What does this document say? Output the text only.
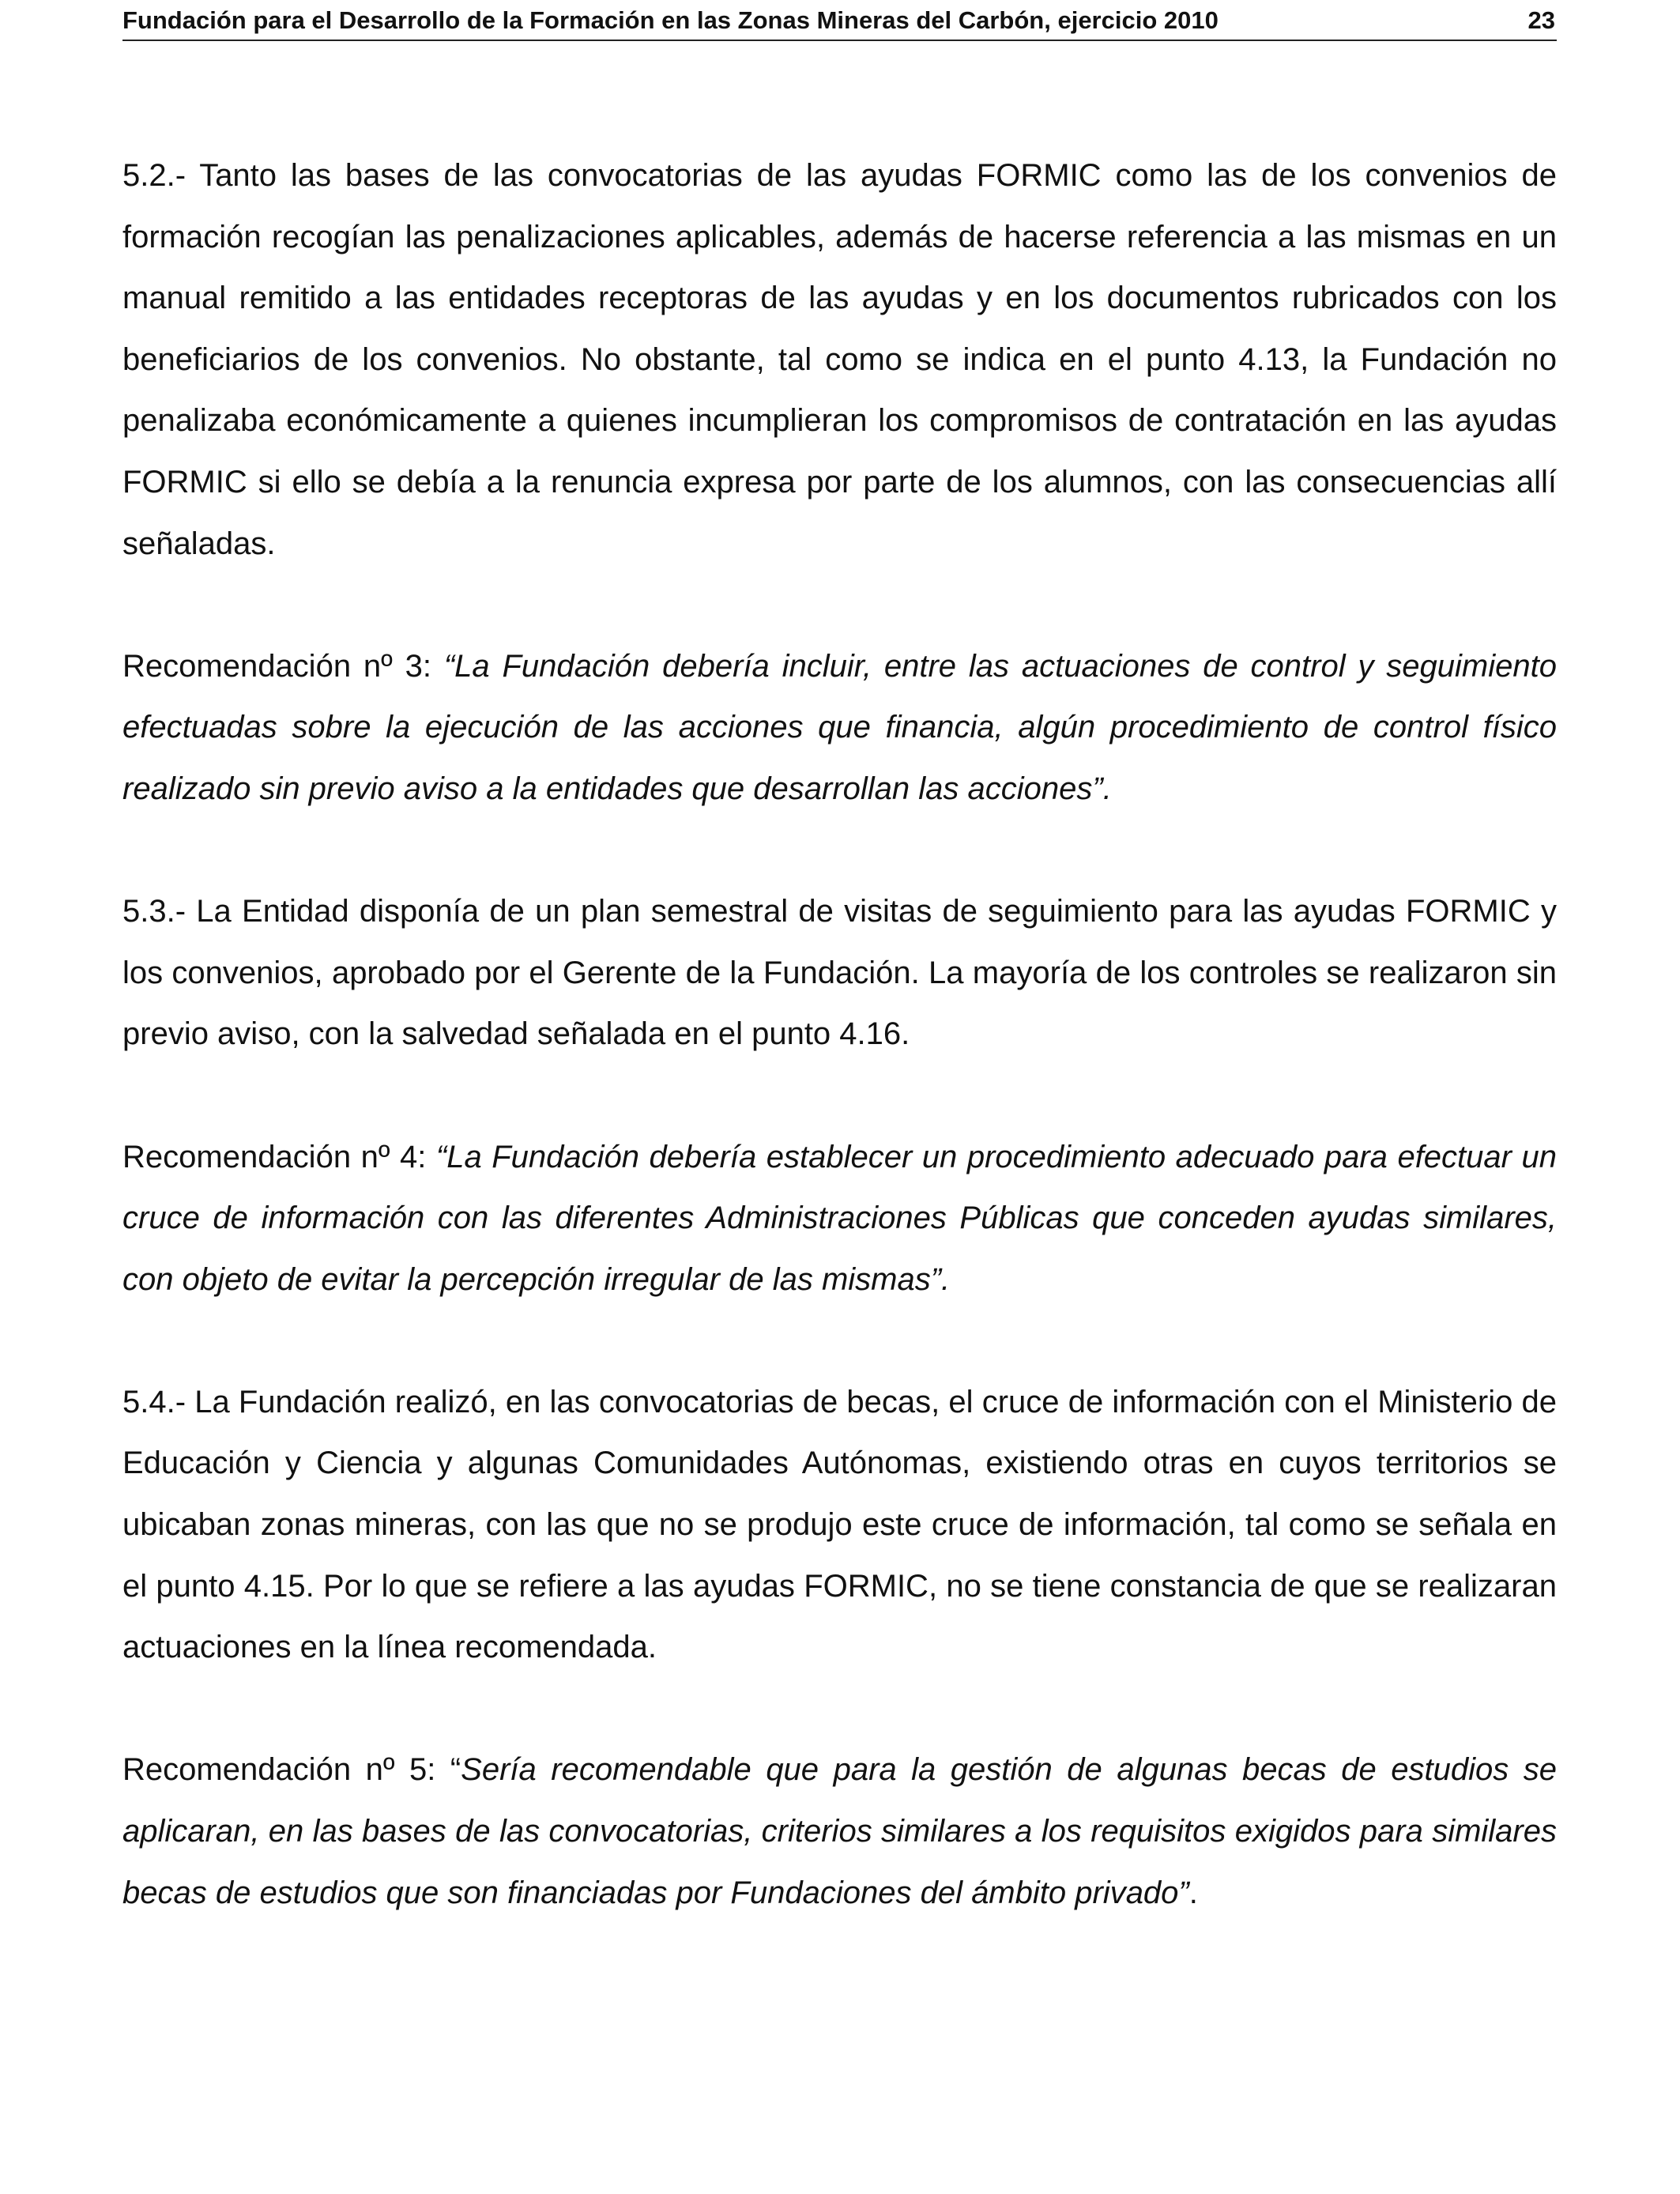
Fundación para el Desarrollo de la Formación en las Zonas Mineras del Carbón, ejercicio 2010	23

5.2.- Tanto las bases de las convocatorias de las ayudas FORMIC como las de los convenios de formación recogían las penalizaciones aplicables, además de hacerse referencia a las mismas en un manual remitido a las entidades receptoras de las ayudas y en los documentos rubricados con los beneficiarios de los convenios. No obstante, tal como se indica en el punto 4.13, la Fundación no penalizaba económicamente a quienes incumplieran los compromisos de contratación en las ayudas FORMIC si ello se debía a la renuncia expresa por parte de los alumnos, con las consecuencias allí señaladas.

Recomendación nº 3: “La Fundación debería incluir, entre las actuaciones de control y seguimiento efectuadas sobre la ejecución de las acciones que financia, algún procedimiento de control físico realizado sin previo aviso a la entidades que desarrollan las acciones”.

5.3.- La Entidad disponía de un plan semestral de visitas de seguimiento para las ayudas FORMIC y los convenios, aprobado por el Gerente de la Fundación. La mayoría de los controles se realizaron sin previo aviso, con la salvedad señalada en el punto 4.16.

Recomendación nº 4: “La Fundación debería establecer un procedimiento adecuado para efectuar un cruce de información con las diferentes Administraciones Públicas que conceden ayudas similares, con objeto de evitar la percepción irregular de las mismas”.

5.4.- La Fundación realizó, en las convocatorias de becas, el cruce de información con el Ministerio de Educación y Ciencia y algunas Comunidades Autónomas, existiendo otras en cuyos territorios se ubicaban zonas mineras, con las que no se produjo este cruce de información, tal como se señala en el punto 4.15. Por lo que se refiere a las ayudas FORMIC, no se tiene constancia de que se realizaran actuaciones en la línea recomendada.

Recomendación nº 5: “Sería recomendable que para la gestión de algunas becas de estudios se aplicaran, en las bases de las convocatorias, criterios similares a los requisitos exigidos para similares becas de estudios que son financiadas por Fundaciones del ámbito privado”.
